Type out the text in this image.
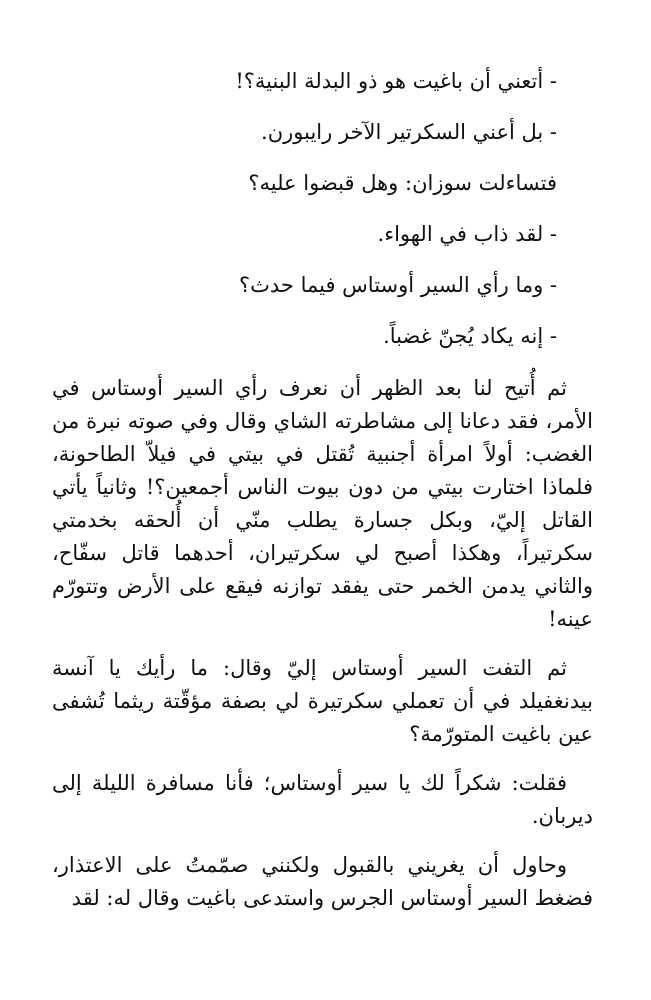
- أتعني أن باغيت هو ذو البدلة البنية؟!
- بل أعني السكرتير الآخر رايبورن.
فتساءلت سوزان: وهل قبضوا عليه؟
- لقد ذاب في الهواء.
- وما رأي السير أوستاس فيما حدث؟
- إنه يكاد يُجنّ غضباً.

ثم أُتيح لنا بعد الظهر أن نعرف رأي السير أوستاس في الأمر، فقد دعانا إلى مشاطرته الشاي وقال وفي صوته نبرة من الغضب: أولاً امرأة أجنبية تُقتل في بيتي في فيلاّ الطاحونة، فلماذا اختارت بيتي من دون بيوت الناس أجمعين؟! وثانياً يأتي القاتل إليّ، وبكل جسارة يطلب منّي أن أُلحقه بخدمتي سكرتيراً، وهكذا أصبح لي سكرتيران، أحدهما قاتل سفّاح، والثاني يدمن الخمر حتى يفقد توازنه فيقع على الأرض وتتورّم عينه!

ثم التفت السير أوستاس إليّ وقال: ما رأيك يا آنسة بيدنغفيلد في أن تعملي سكرتيرة لي بصفة مؤقّتة ريثما تُشفى عين باغيت المتورّمة؟

فقلت: شكراً لك يا سير أوستاس؛ فأنا مسافرة الليلة إلى ديربان.

وحاول أن يغريني بالقبول ولكنني صمّمتُ على الاعتذار، فضغط السير أوستاس الجرس واستدعى باغيت وقال له: لقد
